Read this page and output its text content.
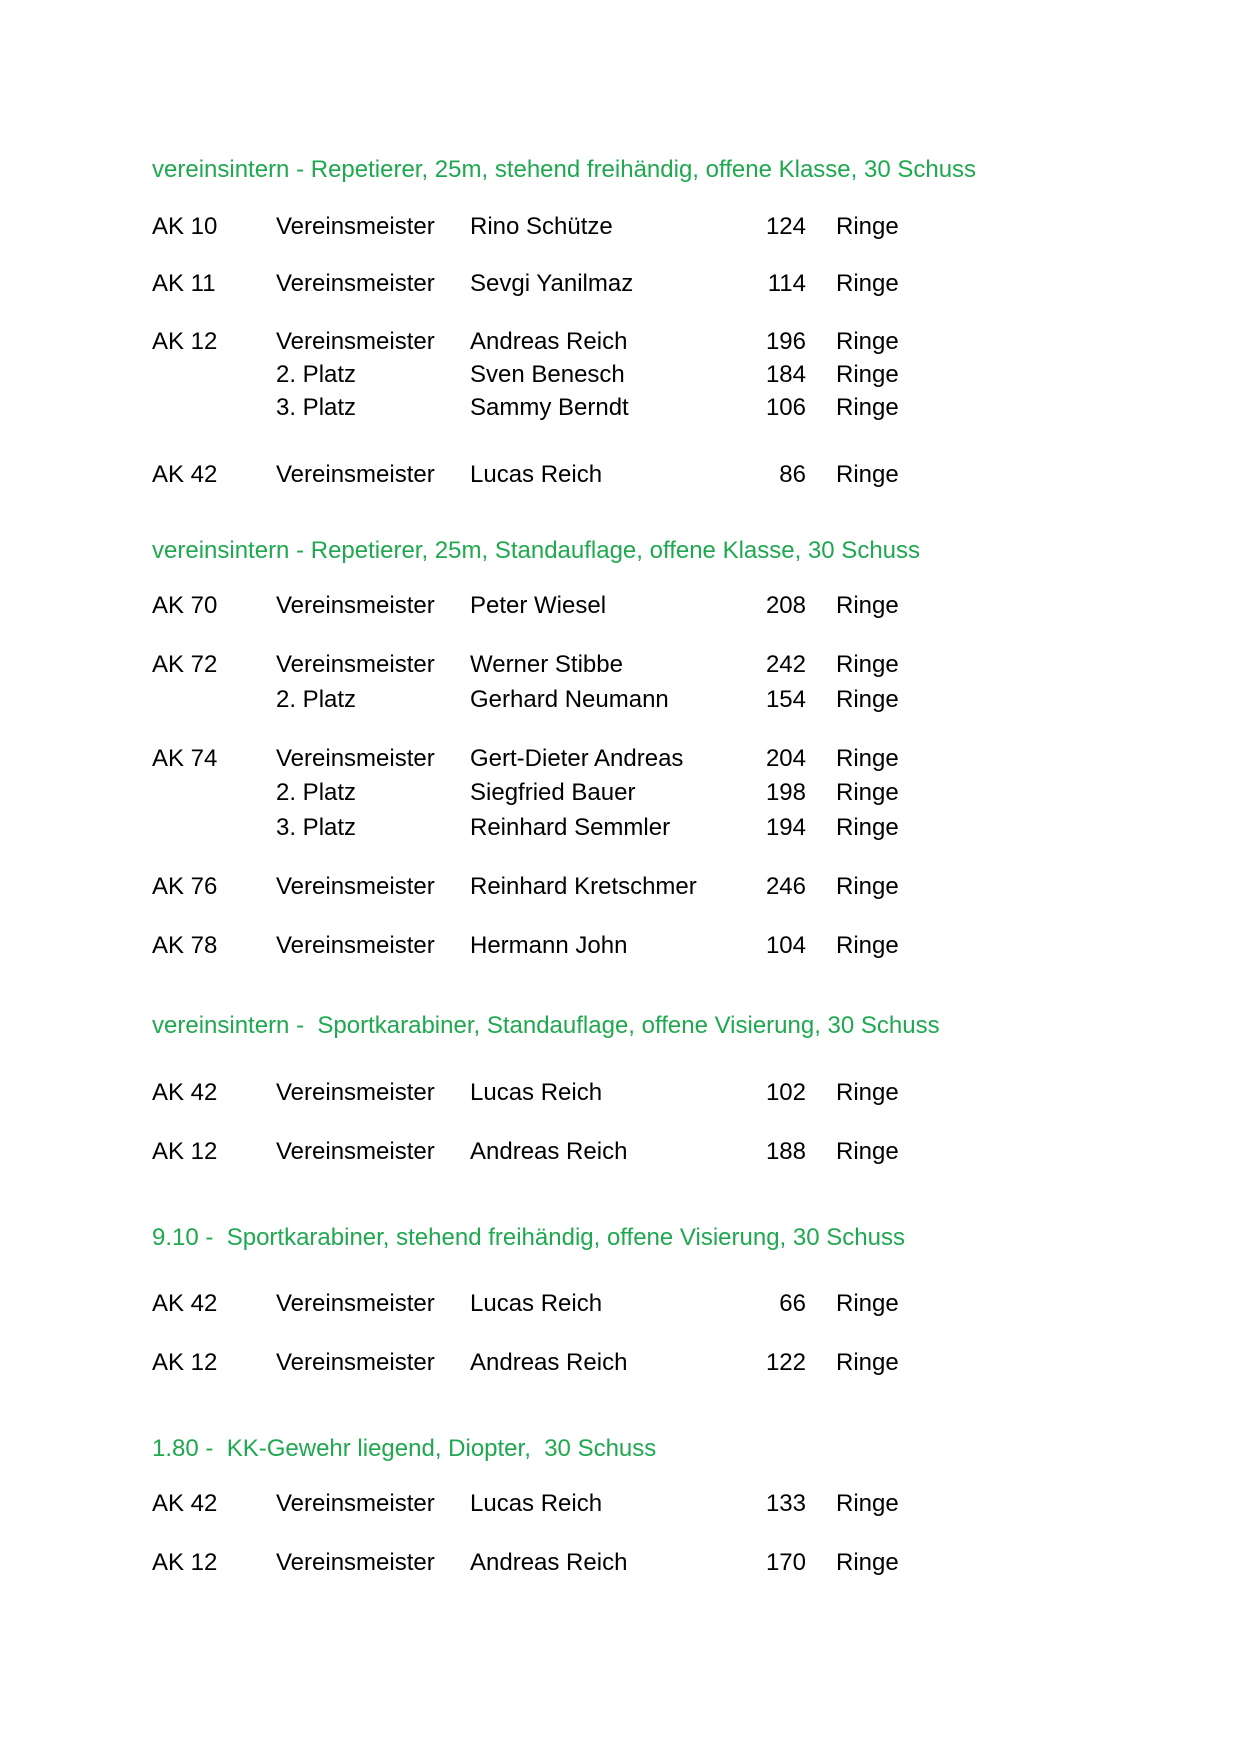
vereinsintern - Repetierer, 25m, stehend freihändig, offene Klasse, 30 Schuss
AK 10 Vereinsmeister Rino Schütze	124 Ringe
AK 11	Vereinsmeister Sevgi Yanilmaz	114 Ringe
AK 12 Vereinsmeister Andreas Reich	196 Ringe
2. Platz	Sven Benesch	184 Ringe
3. Platz	Sammy Berndt	106 Ringe
AK 42 Vereinsmeister Lucas Reich	86 Ringe
vereinsintern - Repetierer, 25m, Standauflage, offene Klasse, 30 Schuss
AK 70 Vereinsmeister Peter Wiesel	208 Ringe
AK 72 Vereinsmeister Werner Stibbe	242 Ringe
2. Platz	Gerhard Neumann	154 Ringe
AK 74 Vereinsmeister Gert-Dieter Andreas	204 Ringe
2. Platz	Siegfried Bauer	198 Ringe
3. Platz	Reinhard Semmler	194 Ringe
AK 76 Vereinsmeister Reinhard Kretschmer	246 Ringe
AK 78 Vereinsmeister Hermann John	104 Ringe
vereinsintern -  Sportkarabiner, Standauflage, offene Visierung, 30 Schuss
AK 42 Vereinsmeister Lucas Reich	102 Ringe
AK 12 Vereinsmeister Andreas Reich	188 Ringe
9.10 -  Sportkarabiner, stehend freihändig, offene Visierung, 30 Schuss
AK 42 Vereinsmeister Lucas Reich	66 Ringe
AK 12 Vereinsmeister Andreas Reich	122 Ringe
1.80 -  KK-Gewehr liegend, Diopter,  30 Schuss
AK 42 Vereinsmeister Lucas Reich	133 Ringe
AK 12 Vereinsmeister Andreas Reich	170 Ringe
